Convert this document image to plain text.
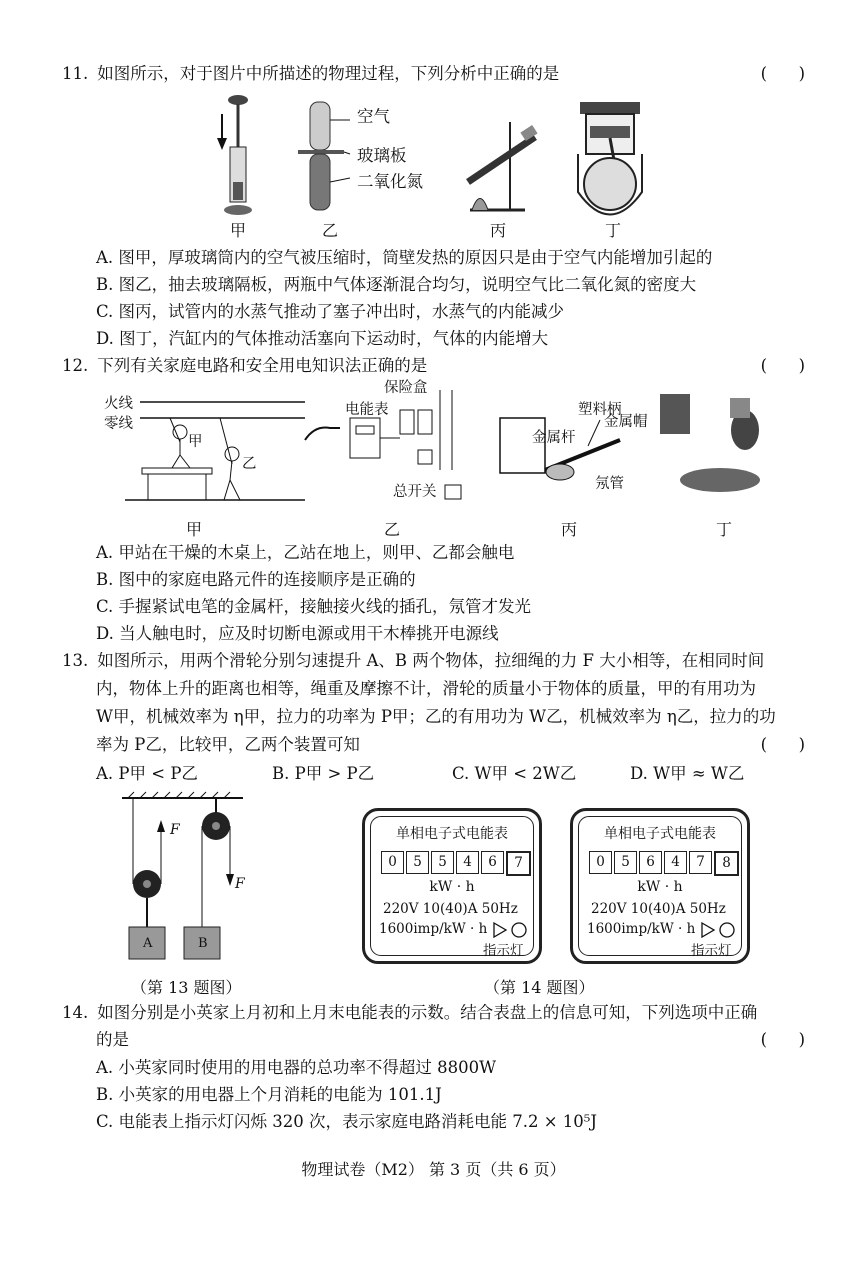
11. 如图所示，对于图片中所描述的物理过程，下列分析中正确的是	(      )
空气
玻璃板
二氧化氮
甲	乙	丙	丁
A. 图甲，厚玻璃筒内的空气被压缩时，筒壁发热的原因只是由于空气内能增加引起的
B. 图乙，抽去玻璃隔板，两瓶中气体逐渐混合均匀，说明空气比二氧化氮的密度大
C. 图丙，试管内的水蒸气推动了塞子冲出时，水蒸气的内能减少
D. 图丁，汽缸内的气体推动活塞向下运动时，气体的内能增大
12. 下列有关家庭电路和安全用电知识法正确的是	(      )
火线
零线
甲
乙
保险盒
电能表
总开关
塑料柄
金属帽
金属杆
氖管
甲	乙	丙	丁
A. 甲站在干燥的木桌上，乙站在地上，则甲、乙都会触电
B. 图中的家庭电路元件的连接顺序是正确的
C. 手握紧试电笔的金属杆，接触接火线的插孔，氖管才发光
D. 当人触电时，应及时切断电源或用干木棒挑开电源线
13. 如图所示，用两个滑轮分别匀速提升 A、B 两个物体，拉细绳的力 F 大小相等，在相同时间
内，物体上升的距离也相等，绳重及摩擦不计，滑轮的质量小于物体的质量，甲的有用功为
W甲，机械效率为 η甲，拉力的功率为 P甲；乙的有用功为 W乙，机械效率为 η乙，拉力的功
率为 P乙，比较甲，乙两个装置可知	(      )
A. P甲 < P乙	B. P甲 > P乙	C. W甲 < 2W乙	D. W甲 ≈ W乙
F
F
A	B
（第 13 题图）
单相电子式电能表
0	5	5	4	6	7
kW · h
220V 10(40)A 50Hz
1600imp/kW · h
指示灯
单相电子式电能表
0	5	6	4	7	8
kW · h
220V 10(40)A 50Hz
1600imp/kW · h
指示灯
（第 14 题图）
14. 如图分别是小英家上月初和上月末电能表的示数。结合表盘上的信息可知，下列选项中正确
的是	(      )
A. 小英家同时使用的用电器的总功率不得超过 8800W
B. 小英家的用电器上个月消耗的电能为 101.1J
C. 电能表上指示灯闪烁 320 次，表示家庭电路消耗电能 7.2 × 10⁵J
物理试卷（M2） 第 3 页（共 6 页）
